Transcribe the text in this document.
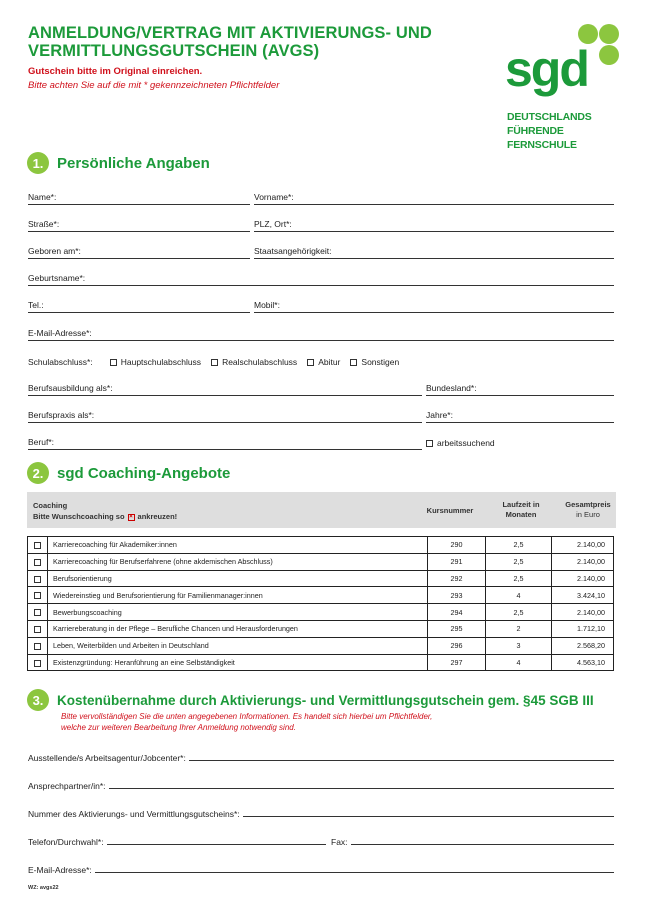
ANMELDUNG/VERTRAG MIT AKTIVIERUNGS- UND VERMITTLUNGSGUTSCHEIN (AVGS)
Gutschein bitte im Original einreichen.
Bitte achten Sie auf die mit * gekennzeichneten Pflichtfelder	sgd
DEUTSCHLANDS
FÜHRENDE FERNSCHULE
1. Persönliche Angaben
Name*:	Vorname*:
Straße*:	PLZ, Ort*:
Geboren am*:	Staatsangehörigkeit:
Geburtsname*:
Tel.:	Mobil*:
E-Mail-Adresse*:
Schulabschluss*:	Hauptschulabschluss Realschulabschluss Abitur Sonstigen
Berufsausbildung als*:	Bundesland*:
Berufspraxis als*:	Jahre*:
Beruf*:	arbeitssuchend
2. sgd Coaching-Angebote
Coaching
Bitte Wunschcoaching so × ankreuzen!
Kursnummer
Laufzeit in
Monaten
Gesamtpreis
in Euro
	Karrierecoaching für Akademiker:innen	290	2,5	2.140,00
	Karrierecoaching für Berufserfahrene (ohne akdemischen Abschluss)	291	2,5	2.140,00
	Berufsorientierung	292	2,5	2.140,00
	Wiedereinstieg und Berufsorientierung für Familienmanager:innen	293	4	3.424,10
	Bewerbungscoaching	294	2,5	2.140,00
	Karriereberatung in der Pflege – Berufliche Chancen und Herausforderungen	295	2	1.712,10
	Leben, Weiterbilden und Arbeiten in Deutschland	296	3	2.568,20
	Existenzgründung: Heranführung an eine Selbständigkeit	297	4	4.563,10
3.	Kostenübernahme durch Aktivierungs- und Vermittlungsgutschein gem. §45 SGB III
Bitte vervollständigen Sie die unten angegebenen Informationen. Es handelt sich hierbei um Pflichtfelder,
welche zur weiteren Bearbeitung Ihrer Anmeldung notwendig sind.
Ausstellende/s Arbeitsagentur/Jobcenter*:
Ansprechpartner/in*:
Nummer des Aktivierungs- und Vermittlungsgutscheins*:
Telefon/Durchwahl*:	Fax:
E-Mail-Adresse*:
WZ: avgs22
